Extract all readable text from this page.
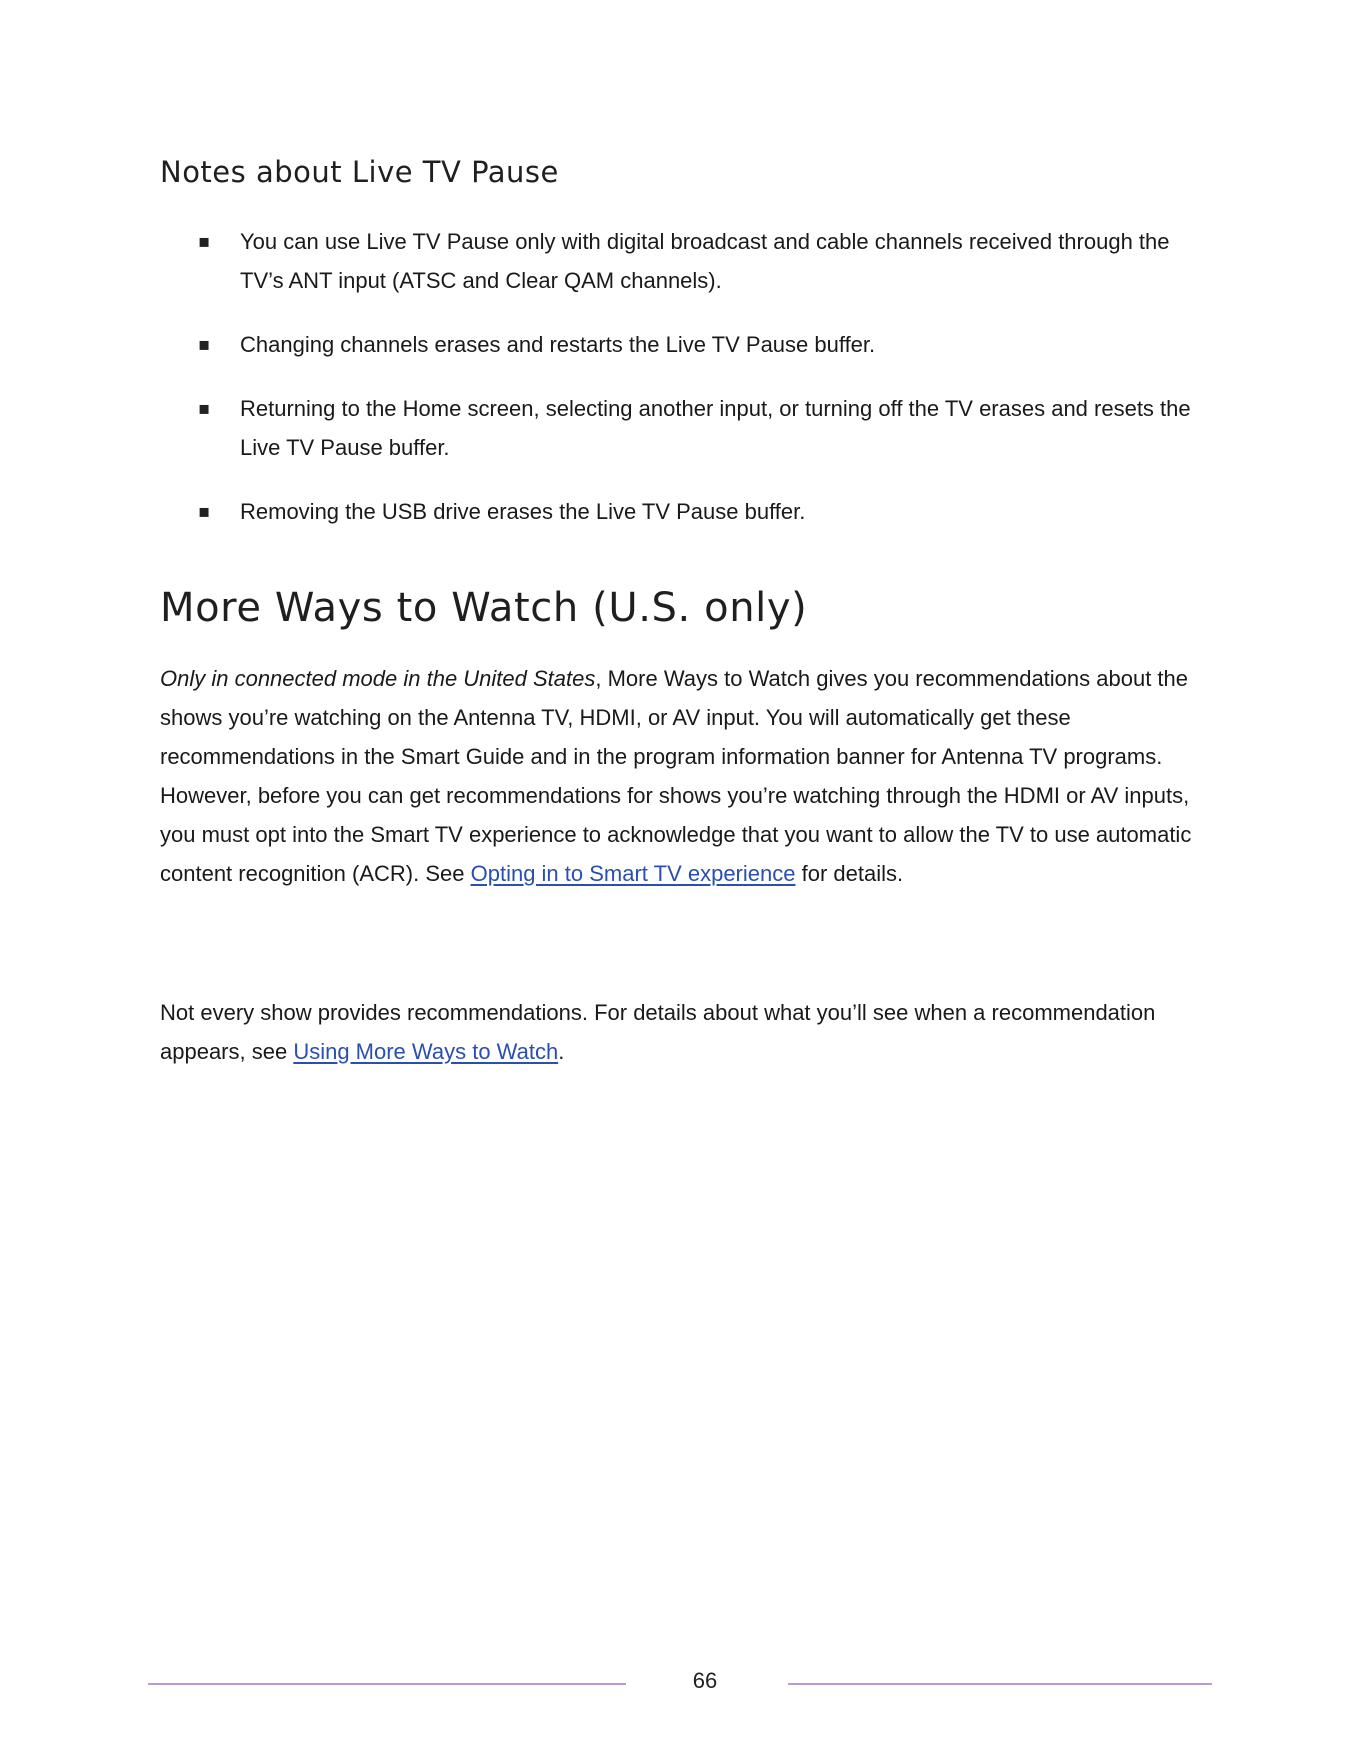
Notes about Live TV Pause
▪ You can use Live TV Pause only with digital broadcast and cable channels received through the TV’s ANT input (ATSC and Clear QAM channels).
▪ Changing channels erases and restarts the Live TV Pause buffer.
▪ Returning to the Home screen, selecting another input, or turning off the TV erases and resets the Live TV Pause buffer.
▪ Removing the USB drive erases the Live TV Pause buffer.
More Ways to Watch (U.S. only)

Only in connected mode in the United States, More Ways to Watch gives you recommendations about the shows you’re watching on the Antenna TV, HDMI, or AV input. You will automatically get these recommendations in the Smart Guide and in the program information banner for Antenna TV programs. However, before you can get recommendations for shows you’re watching through the HDMI or AV inputs, you must opt into the Smart TV experience to acknowledge that you want to allow the TV to use automatic content recognition (ACR). See Opting in to Smart TV experience for details.

Not every show provides recommendations. For details about what you’ll see when a recommendation appears, see Using More Ways to Watch.

66
